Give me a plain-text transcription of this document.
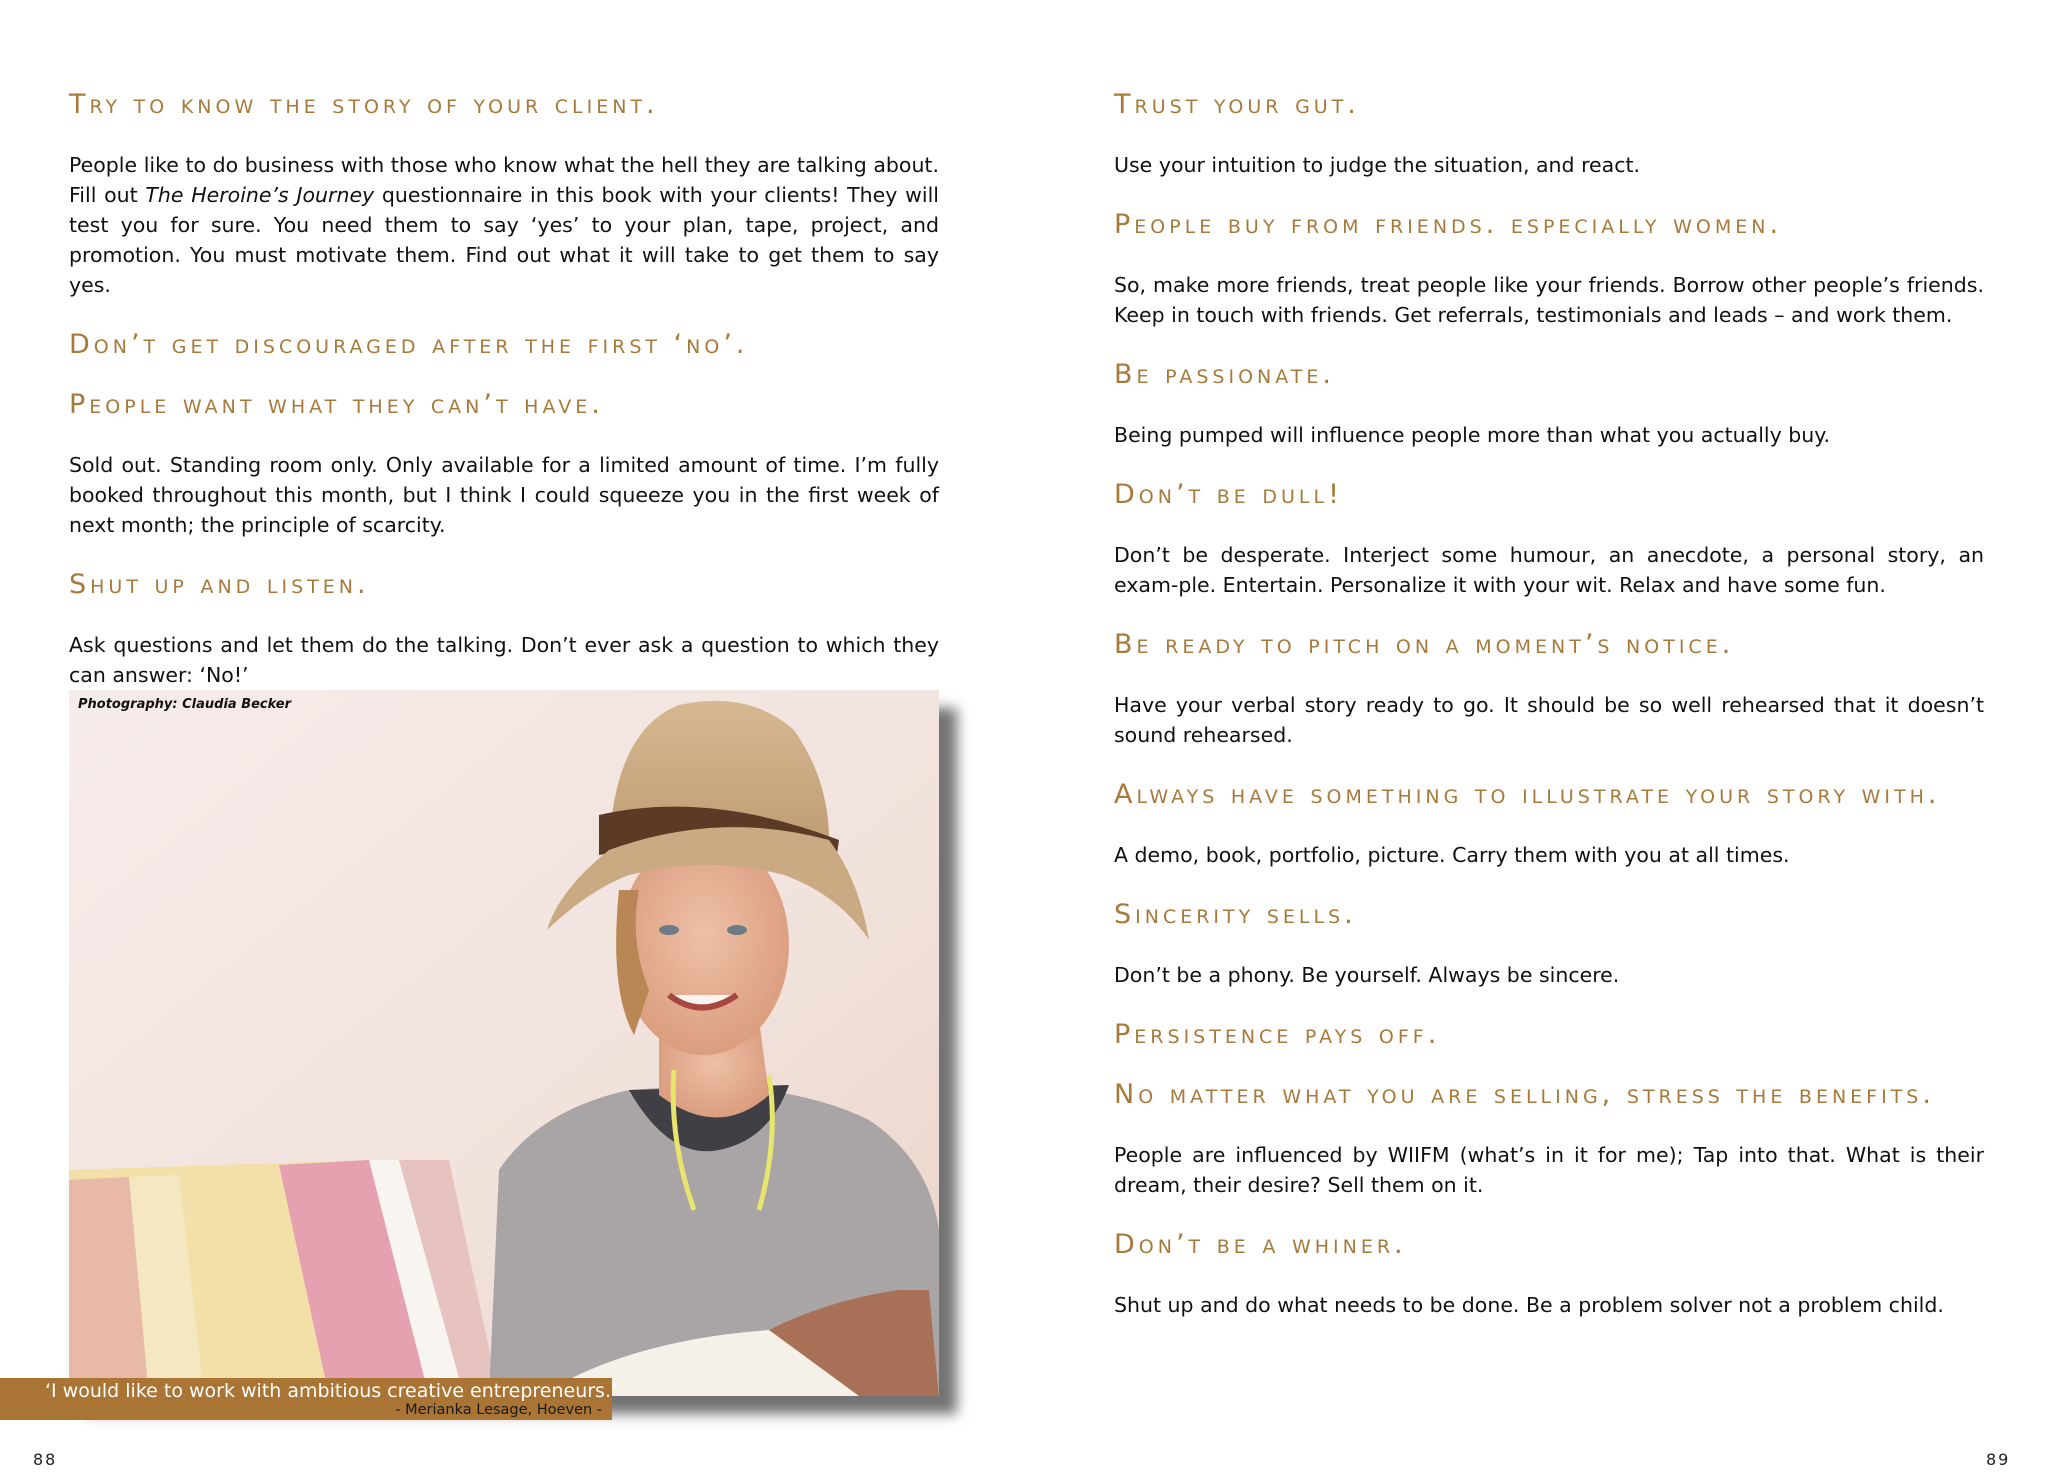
Try to know the story of your client.

People like to do business with those who know what the hell they are talking about. Fill out The Heroine’s Journey questionnaire in this book with your clients! They will test you for sure. You need them to say ‘yes’ to your plan, tape, project, and promotion. You must motivate them. Find out what it will take to get them to say yes.

Don’t get discouraged after the first ‘no’.
People want what they can’t have.

Sold out. Standing room only. Only available for a limited amount of time. I’m fully booked throughout this month, but I think I could squeeze you in the first week of next month; the principle of scarcity.

Shut up and listen.

Ask questions and let them do the talking. Don’t ever ask a question to which they can answer: ‘No!’

Photography: Claudia Becker
‘I would like to work with ambitious creative entrepreneurs.’
- Merianka Lesage, Hoeven -
88
Trust your gut.

Use your intuition to judge the situation, and react.

People buy from friends. especially women.

So, make more friends, treat people like your friends. Borrow other people’s friends. Keep in touch with friends. Get referrals, testimonials and leads – and work them.

Be passionate.

Being pumped will influence people more than what you actually buy.

Don’t be dull!

Don’t be desperate. Interject some humour, an anecdote, a personal story, an exam-ple. Entertain. Personalize it with your wit. Relax and have some fun.

Be ready to pitch on a moment’s notice.

Have your verbal story ready to go. It should be so well rehearsed that it doesn’t sound rehearsed.

Always have something to illustrate your story with.

A demo, book, portfolio, picture. Carry them with you at all times.

Sincerity sells.

Don’t be a phony. Be yourself. Always be sincere.

Persistence pays off.
No matter what you are selling, stress the benefits.

People are influenced by WIIFM (what’s in it for me); Tap into that. What is their dream, their desire? Sell them on it.

Don’t be a whiner.

Shut up and do what needs to be done. Be a problem solver not a problem child.

89
